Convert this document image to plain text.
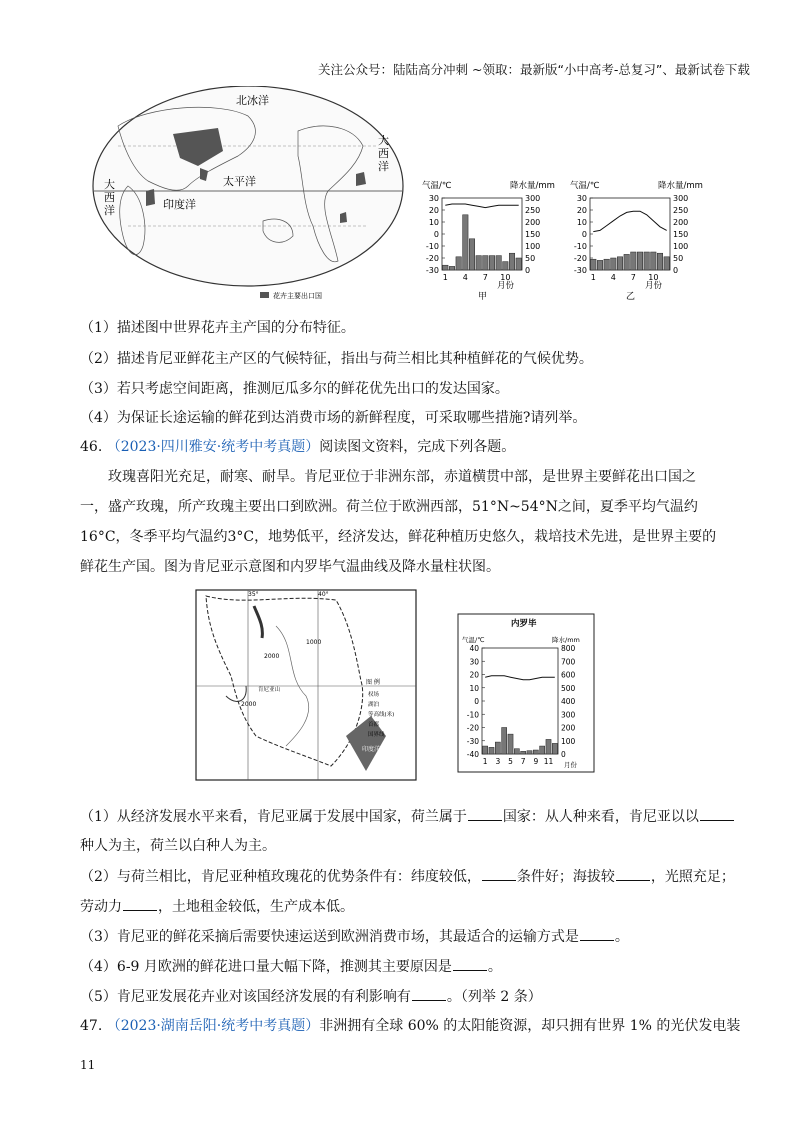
关注公众号：陆陆高分冲刺 ~领取：最新版“小中高考-总复习”、最新试卷下载
北冰洋
太平洋
印度洋
大
西
洋
大
西
洋
花卉主要出口国
气温/℃	降水量/mm
30
20
10
0
-10
-20
-30
300
250
200
150
100
50
0
1 4 7 10
月份
甲
气温/℃	降水量/mm
30
20
10
0
-10
-20
-30
300
250
200
150
100
50
0
1 4 7 10
月份
乙
（1）描述图中世界花卉主产国的分布特征。
（2）描述肯尼亚鲜花主产区的气候特征，指出与荷兰相比其种植鲜花的气候优势。
（3）若只考虑空间距离，推测厄瓜多尔的鲜花优先出口的发达国家。
（4）为保证长途运输的鲜花到达消费市场的新鲜程度，可采取哪些措施?请列举。
46. （2023·四川雅安·统考中考真题）阅读图文资料，完成下列各题。
玫瑰喜阳光充足，耐寒、耐旱。肯尼亚位于非洲东部，赤道横贯中部，是世界主要鲜花出口国之一，盛产玫瑰，所产玫瑰主要出口到欧洲。荷兰位于欧洲西部，51°N~54°N之间，夏季平均气温约16°C，冬季平均气温约3°C，地势低平，经济发达，鲜花种植历史悠久，栽培技术先进，是世界主要的鲜花生产国。图为肯尼亚示意图和内罗毕气温曲线及降水量柱状图。
35°	40°
1000
2000
2000
肯尼亚山
印度洋
图 例
权场
湖泊
等高线(米)
首都
国界线
内罗毕
气温/℃	降水/mm
40
30
20
10
0
-10
-20
-30
-40
800
700
600
500
400
300
200
100
0
1 3 5 7 9 11 月份
（1）从经济发展水平来看，肯尼亚属于发展中国家，荷兰属于	国家：从人种来看，肯尼亚以以
种人为主，荷兰以白种人为主。
（2）与荷兰相比，肯尼亚种植玫瑰花的优势条件有：纬度较低，	条件好；海拔较	，光照充足；
劳动力	，土地租金较低，生产成本低。
（3）肯尼亚的鲜花采摘后需要快速运送到欧洲消费市场，其最适合的运输方式是	。
（4）6-9 月欧洲的鲜花进口量大幅下降，推测其主要原因是	。
（5）肯尼亚发展花卉业对该国经济发展的有利影响有	。（列举 2 条）
47. （2023·湖南岳阳·统考中考真题）非洲拥有全球 60% 的太阳能资源，却只拥有世界 1% 的光伏发电装
11
